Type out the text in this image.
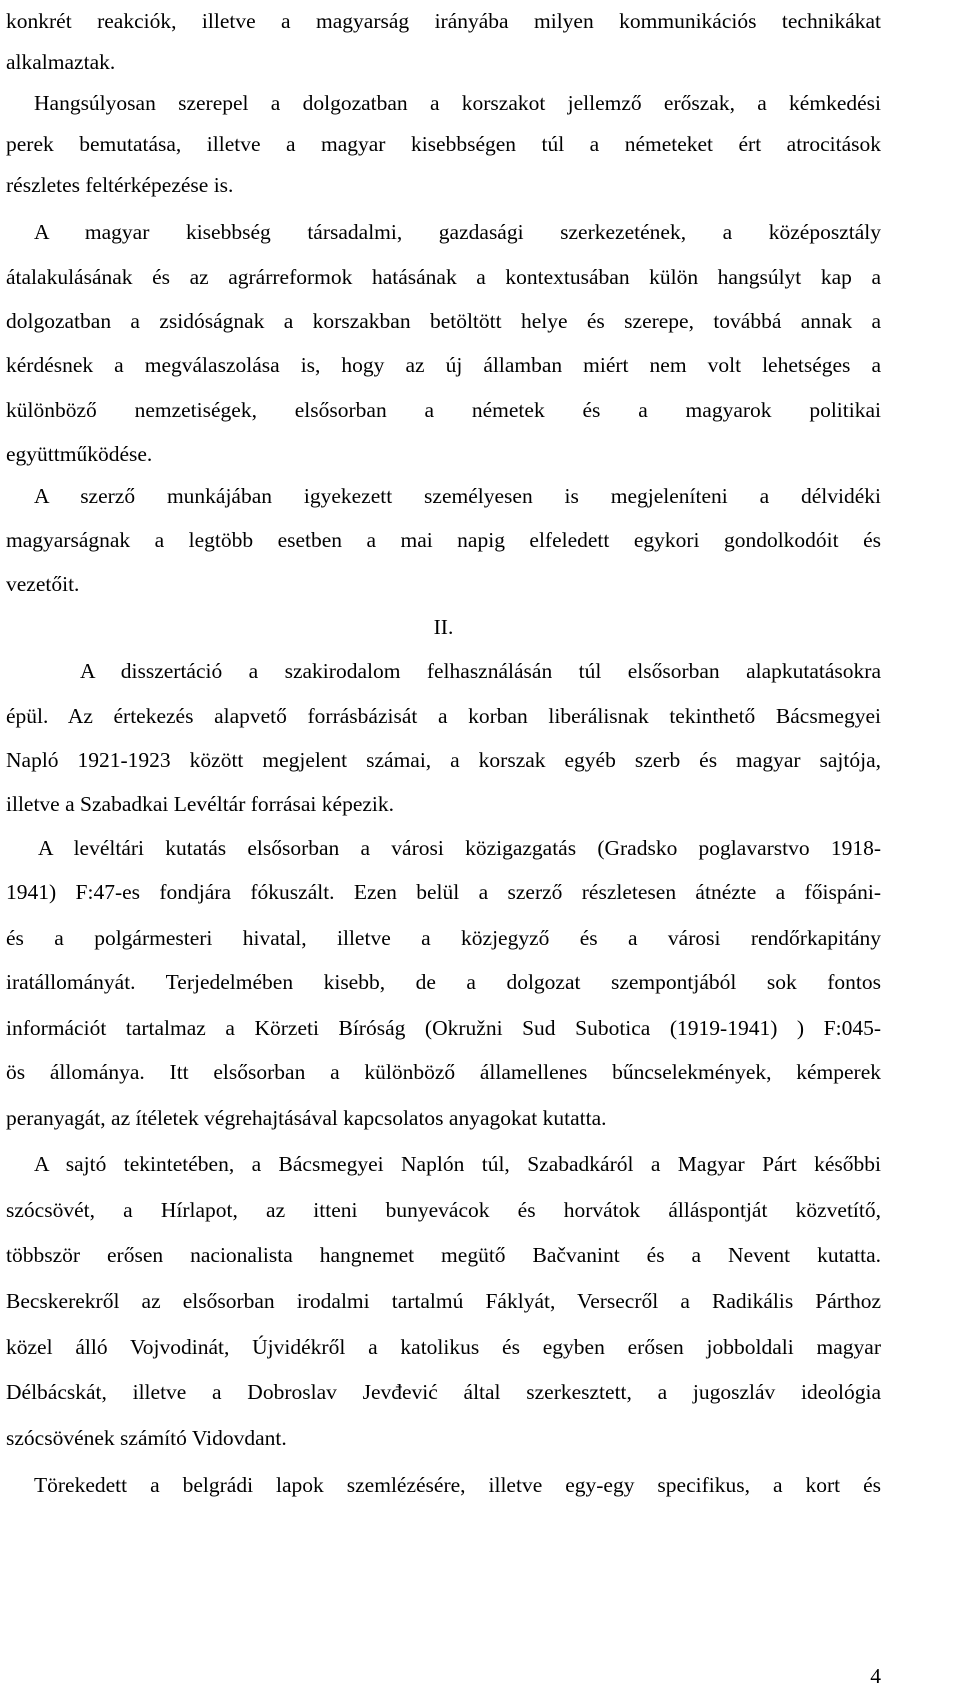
konkrét reakciók, illetve a magyarság irányába milyen kommunikációs technikákat
alkalmaztak.
Hangsúlyosan szerepel a dolgozatban a korszakot jellemző erőszak, a kémkedési
perek bemutatása, illetve a magyar kisebbségen túl a németeket ért atrocitások
részletes feltérképezése is.
A magyar kisebbség társadalmi, gazdasági szerkezetének, a középosztály
átalakulásának és az agrárreformok hatásának a kontextusában külön hangsúlyt kap a
dolgozatban a zsidóságnak a korszakban betöltött helye és szerepe, továbbá annak a
kérdésnek a megválaszolása is, hogy az új államban miért nem volt lehetséges a
különböző nemzetiségek, elsősorban a németek és a magyarok politikai
együttműködése.
A szerző munkájában igyekezett személyesen is megjeleníteni a délvidéki
magyarságnak a legtöbb esetben a mai napig elfeledett egykori gondolkodóit és
vezetőit.
II.
A disszertáció a szakirodalom felhasználásán túl elsősorban alapkutatásokra
épül. Az értekezés alapvető forrásbázisát a korban liberálisnak tekinthető Bácsmegyei
Napló 1921-1923 között megjelent számai, a korszak egyéb szerb és magyar sajtója,
illetve a Szabadkai Levéltár forrásai képezik.
A levéltári kutatás elsősorban a városi közigazgatás (Gradsko poglavarstvo 1918-
1941) F:47-es fondjára fókuszált. Ezen belül a szerző részletesen átnézte a főispáni-
és a polgármesteri hivatal, illetve a közjegyző és a városi rendőrkapitány
iratállományát. Terjedelmében kisebb, de a dolgozat szempontjából sok fontos
információt tartalmaz a Körzeti Bíróság (Okružni Sud Subotica (1919-1941) ) F:045-
ös állománya. Itt elsősorban a különböző államellenes bűncselekmények, kémperek
peranyagát, az ítéletek végrehajtásával kapcsolatos anyagokat kutatta.
A sajtó tekintetében, a Bácsmegyei Naplón túl, Szabadkáról a Magyar Párt későbbi
szócsövét, a Hírlapot, az itteni bunyevácok és horvátok álláspontját közvetítő,
többször erősen nacionalista hangnemet megütő Bačvanint és a Nevent kutatta.
Becskerekről az elsősorban irodalmi tartalmú Fáklyát, Versecről a Radikális Párthoz
közel álló Vojvodinát, Újvidékről a katolikus és egyben erősen jobboldali magyar
Délbácskát, illetve a Dobroslav Jevđević által szerkesztett, a jugoszláv ideológia
szócsövének számító Vidovdant.
Törekedett a belgrádi lapok szemlézésére, illetve egy-egy specifikus, a kort és
4
